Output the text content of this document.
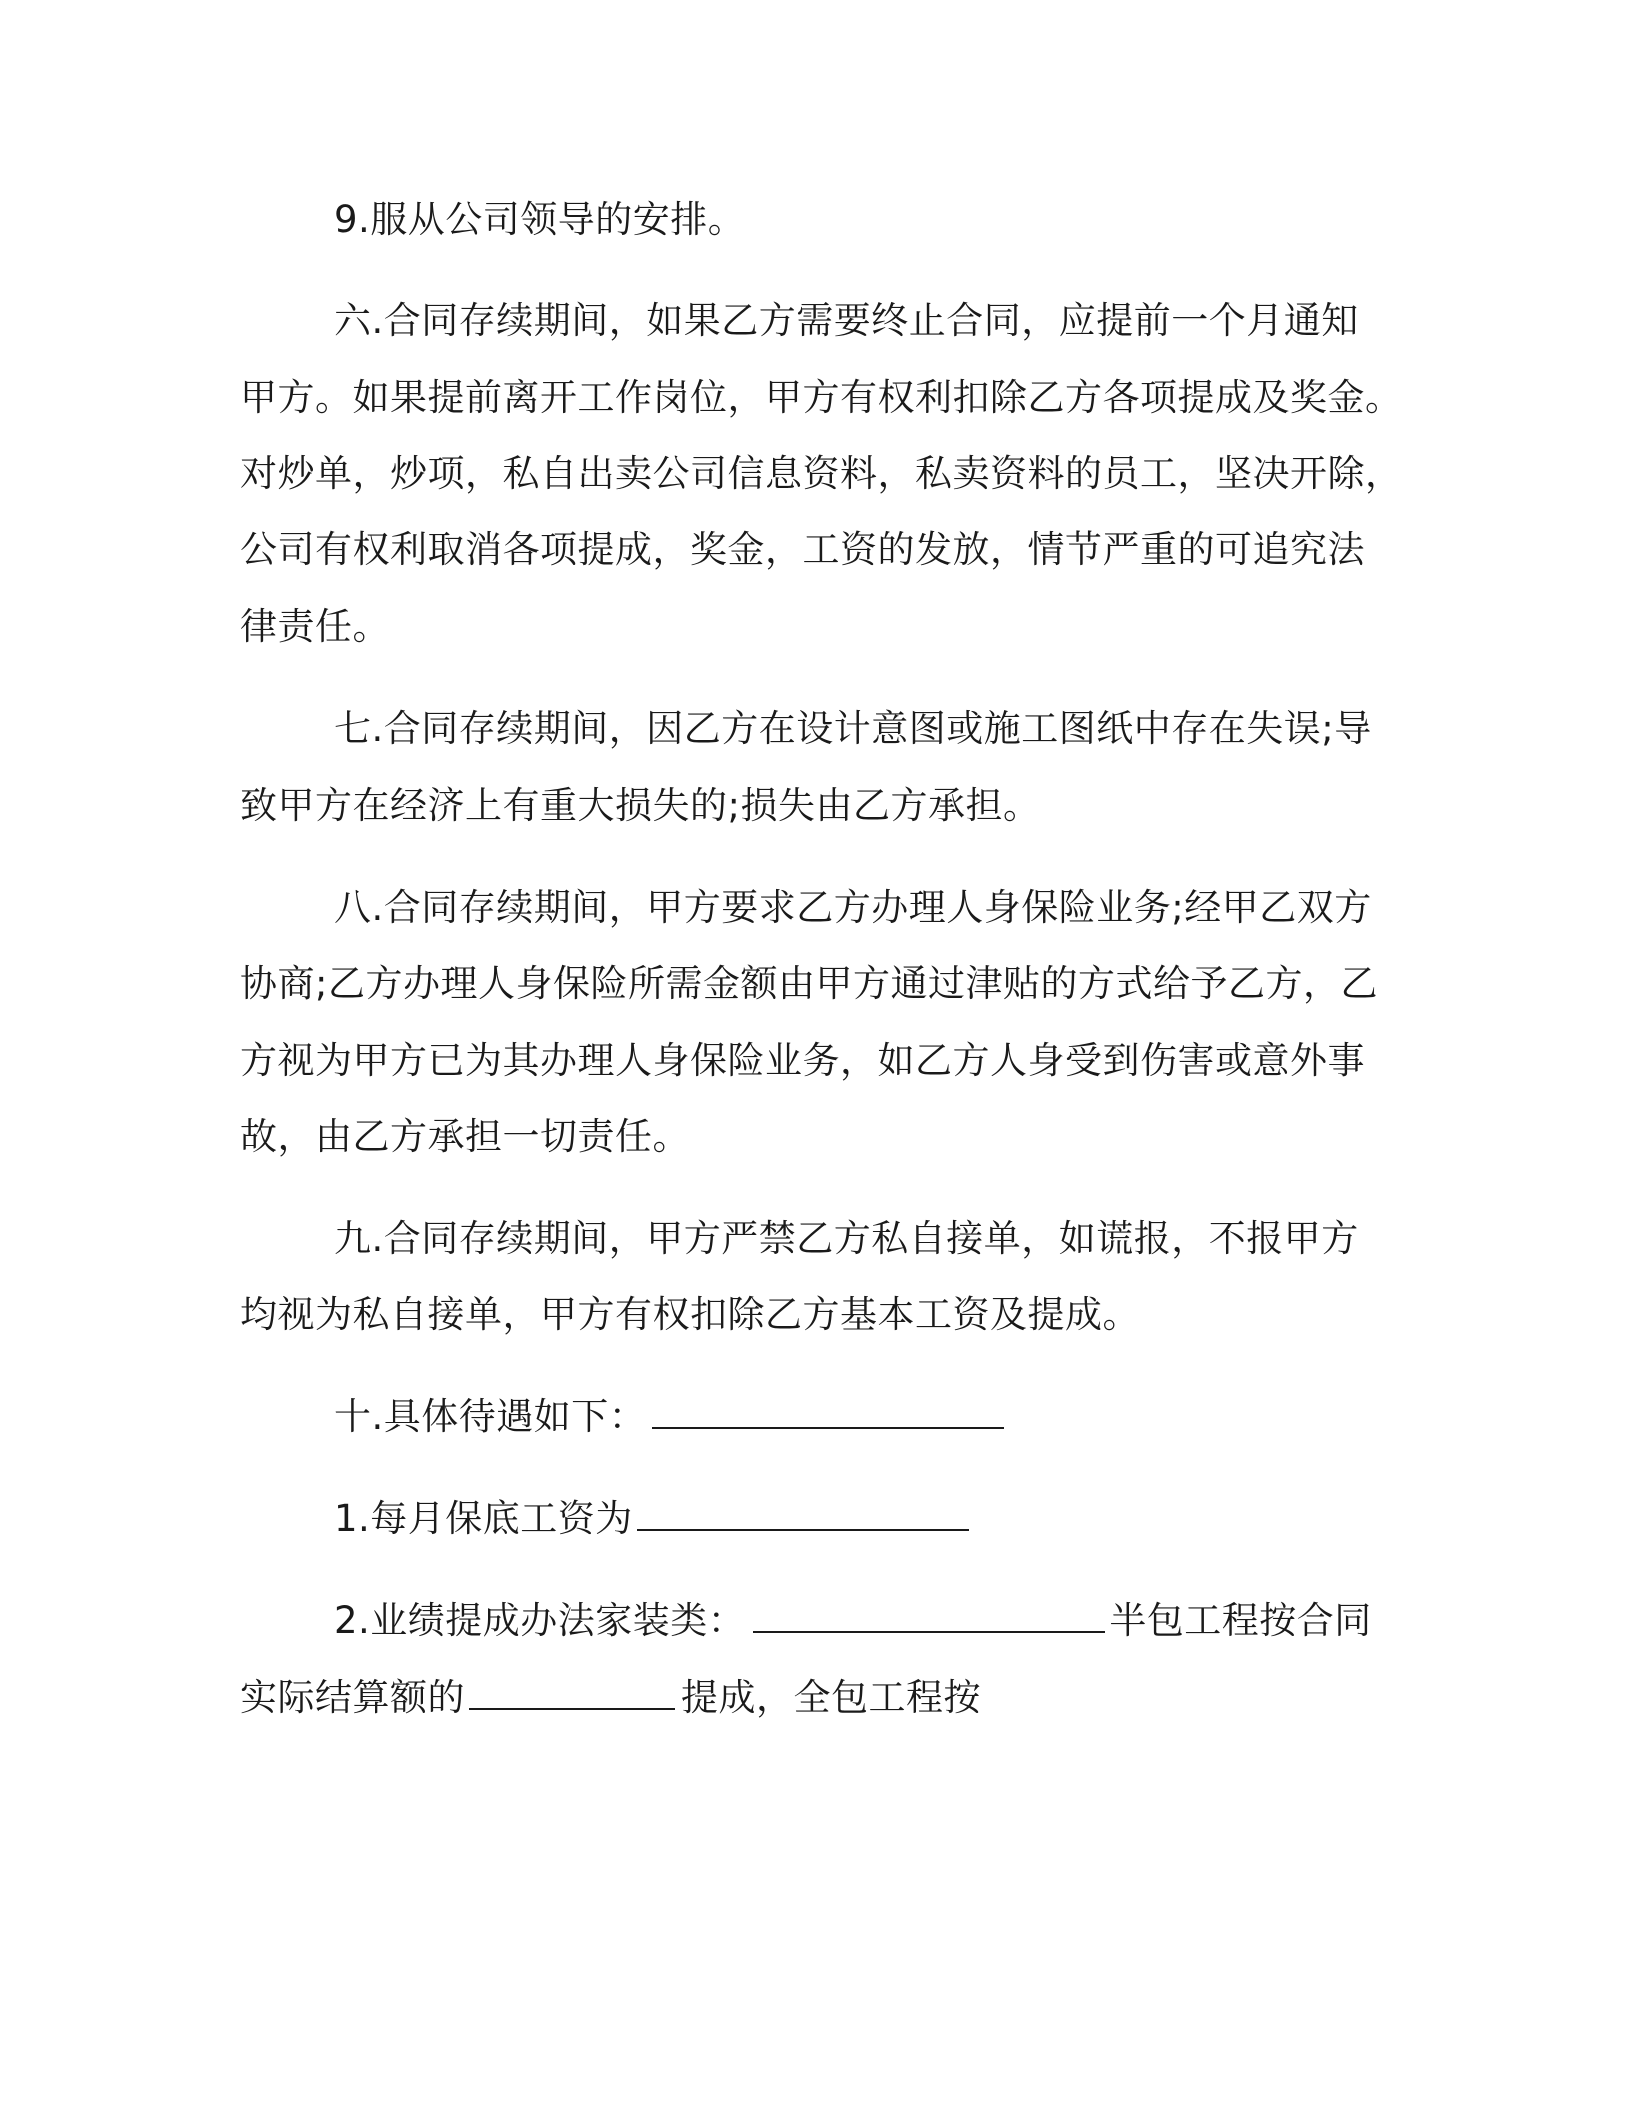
9.服从公司领导的安排。
六.合同存续期间，如果乙方需要终止合同，应提前一个月通知
甲方。如果提前离开工作岗位，甲方有权利扣除乙方各项提成及奖金。
对炒单，炒项，私自出卖公司信息资料，私卖资料的员工，坚决开除，
公司有权利取消各项提成，奖金，工资的发放，情节严重的可追究法
律责任。
七.合同存续期间，因乙方在设计意图或施工图纸中存在失误;导
致甲方在经济上有重大损失的;损失由乙方承担。
八.合同存续期间，甲方要求乙方办理人身保险业务;经甲乙双方
协商;乙方办理人身保险所需金额由甲方通过津贴的方式给予乙方，乙
方视为甲方已为其办理人身保险业务，如乙方人身受到伤害或意外事
故，由乙方承担一切责任。
九.合同存续期间，甲方严禁乙方私自接单，如谎报，不报甲方
均视为私自接单，甲方有权扣除乙方基本工资及提成。
十.具体待遇如下：
1.每月保底工资为
2.业绩提成办法家装类：	半包工程按合同
实际结算额的	提成，全包工程按
